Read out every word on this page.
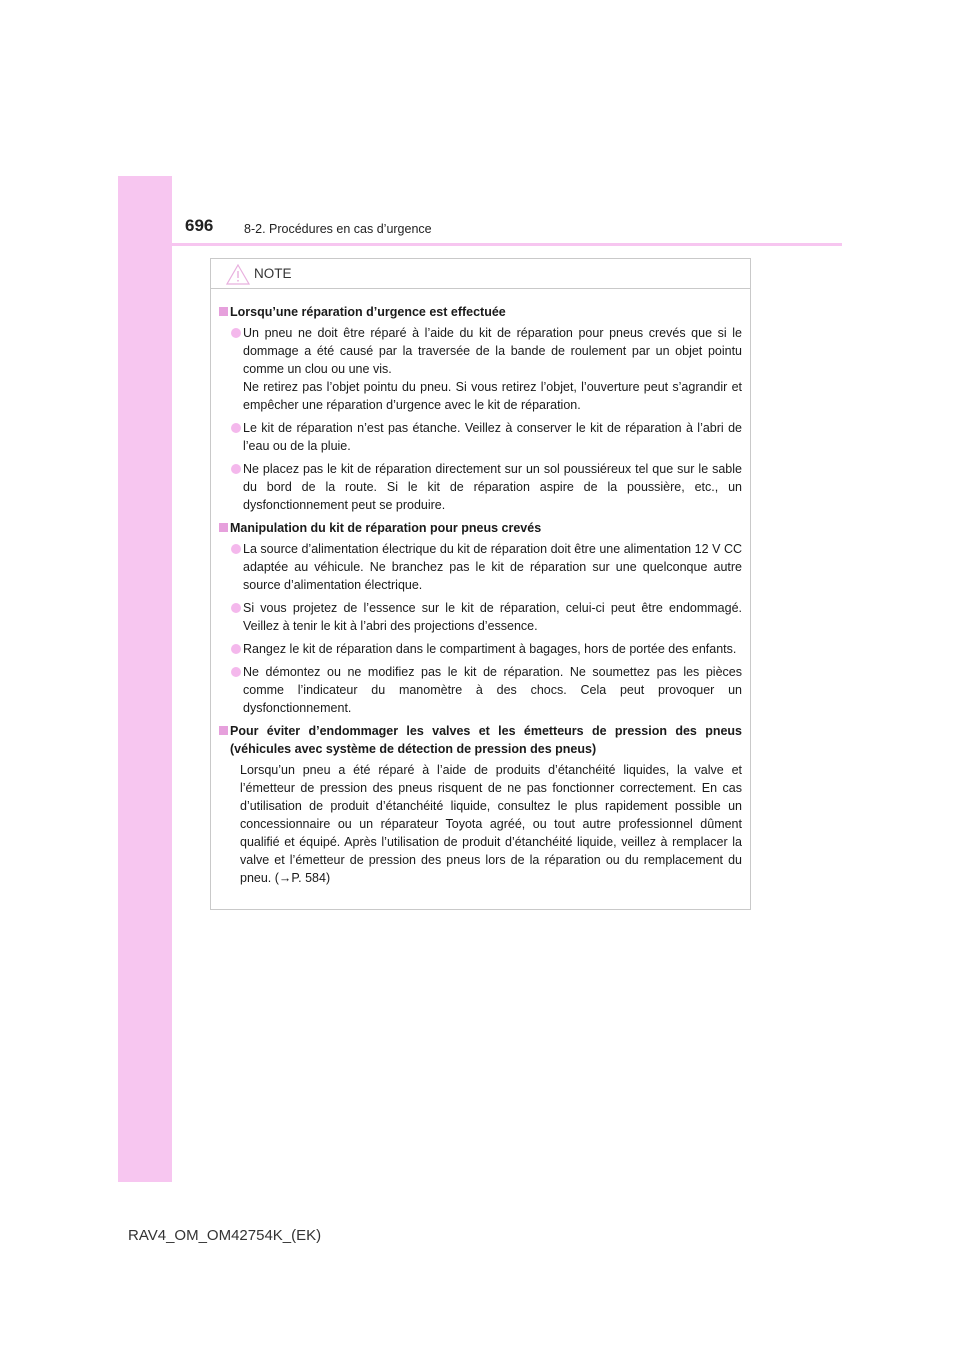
696 8-2. Procédures en cas d’urgence
NOTE
Lorsqu’une réparation d’urgence est effectuée
Un pneu ne doit être réparé à l’aide du kit de réparation pour pneus crevés que si le dommage a été causé par la traversée de la bande de roulement par un objet pointu comme un clou ou une vis.
Ne retirez pas l’objet pointu du pneu. Si vous retirez l’objet, l’ouverture peut s’agrandir et empêcher une réparation d’urgence avec le kit de réparation.
Le kit de réparation n’est pas étanche. Veillez à conserver le kit de réparation à l’abri de l’eau ou de la pluie.
Ne placez pas le kit de réparation directement sur un sol poussiéreux tel que sur le sable du bord de la route. Si le kit de réparation aspire de la poussière, etc., un dysfonctionnement peut se produire.
Manipulation du kit de réparation pour pneus crevés
La source d’alimentation électrique du kit de réparation doit être une alimentation 12 V CC adaptée au véhicule. Ne branchez pas le kit de réparation sur une quelconque autre source d’alimentation électrique.
Si vous projetez de l’essence sur le kit de réparation, celui-ci peut être endommagé. Veillez à tenir le kit à l’abri des projections d’essence.
Rangez le kit de réparation dans le compartiment à bagages, hors de portée des enfants.
Ne démontez ou ne modifiez pas le kit de réparation. Ne soumettez pas les pièces comme l’indicateur du manomètre à des chocs. Cela peut provoquer un dysfonctionnement.
Pour éviter d’endommager les valves et les émetteurs de pression des pneus (véhicules avec système de détection de pression des pneus)
Lorsqu’un pneu a été réparé à l’aide de produits d’étanchéité liquides, la valve et l’émetteur de pression des pneus risquent de ne pas fonctionner correctement. En cas d’utilisation de produit d’étanchéité liquide, consultez le plus rapidement possible un concessionnaire ou un réparateur Toyota agréé, ou tout autre professionnel dûment qualifié et équipé. Après l’utilisation de produit d’étanchéité liquide, veillez à remplacer la valve et l’émetteur de pression des pneus lors de la réparation ou du remplacement du pneu. (→P. 584)
RAV4_OM_OM42754K_(EK)
